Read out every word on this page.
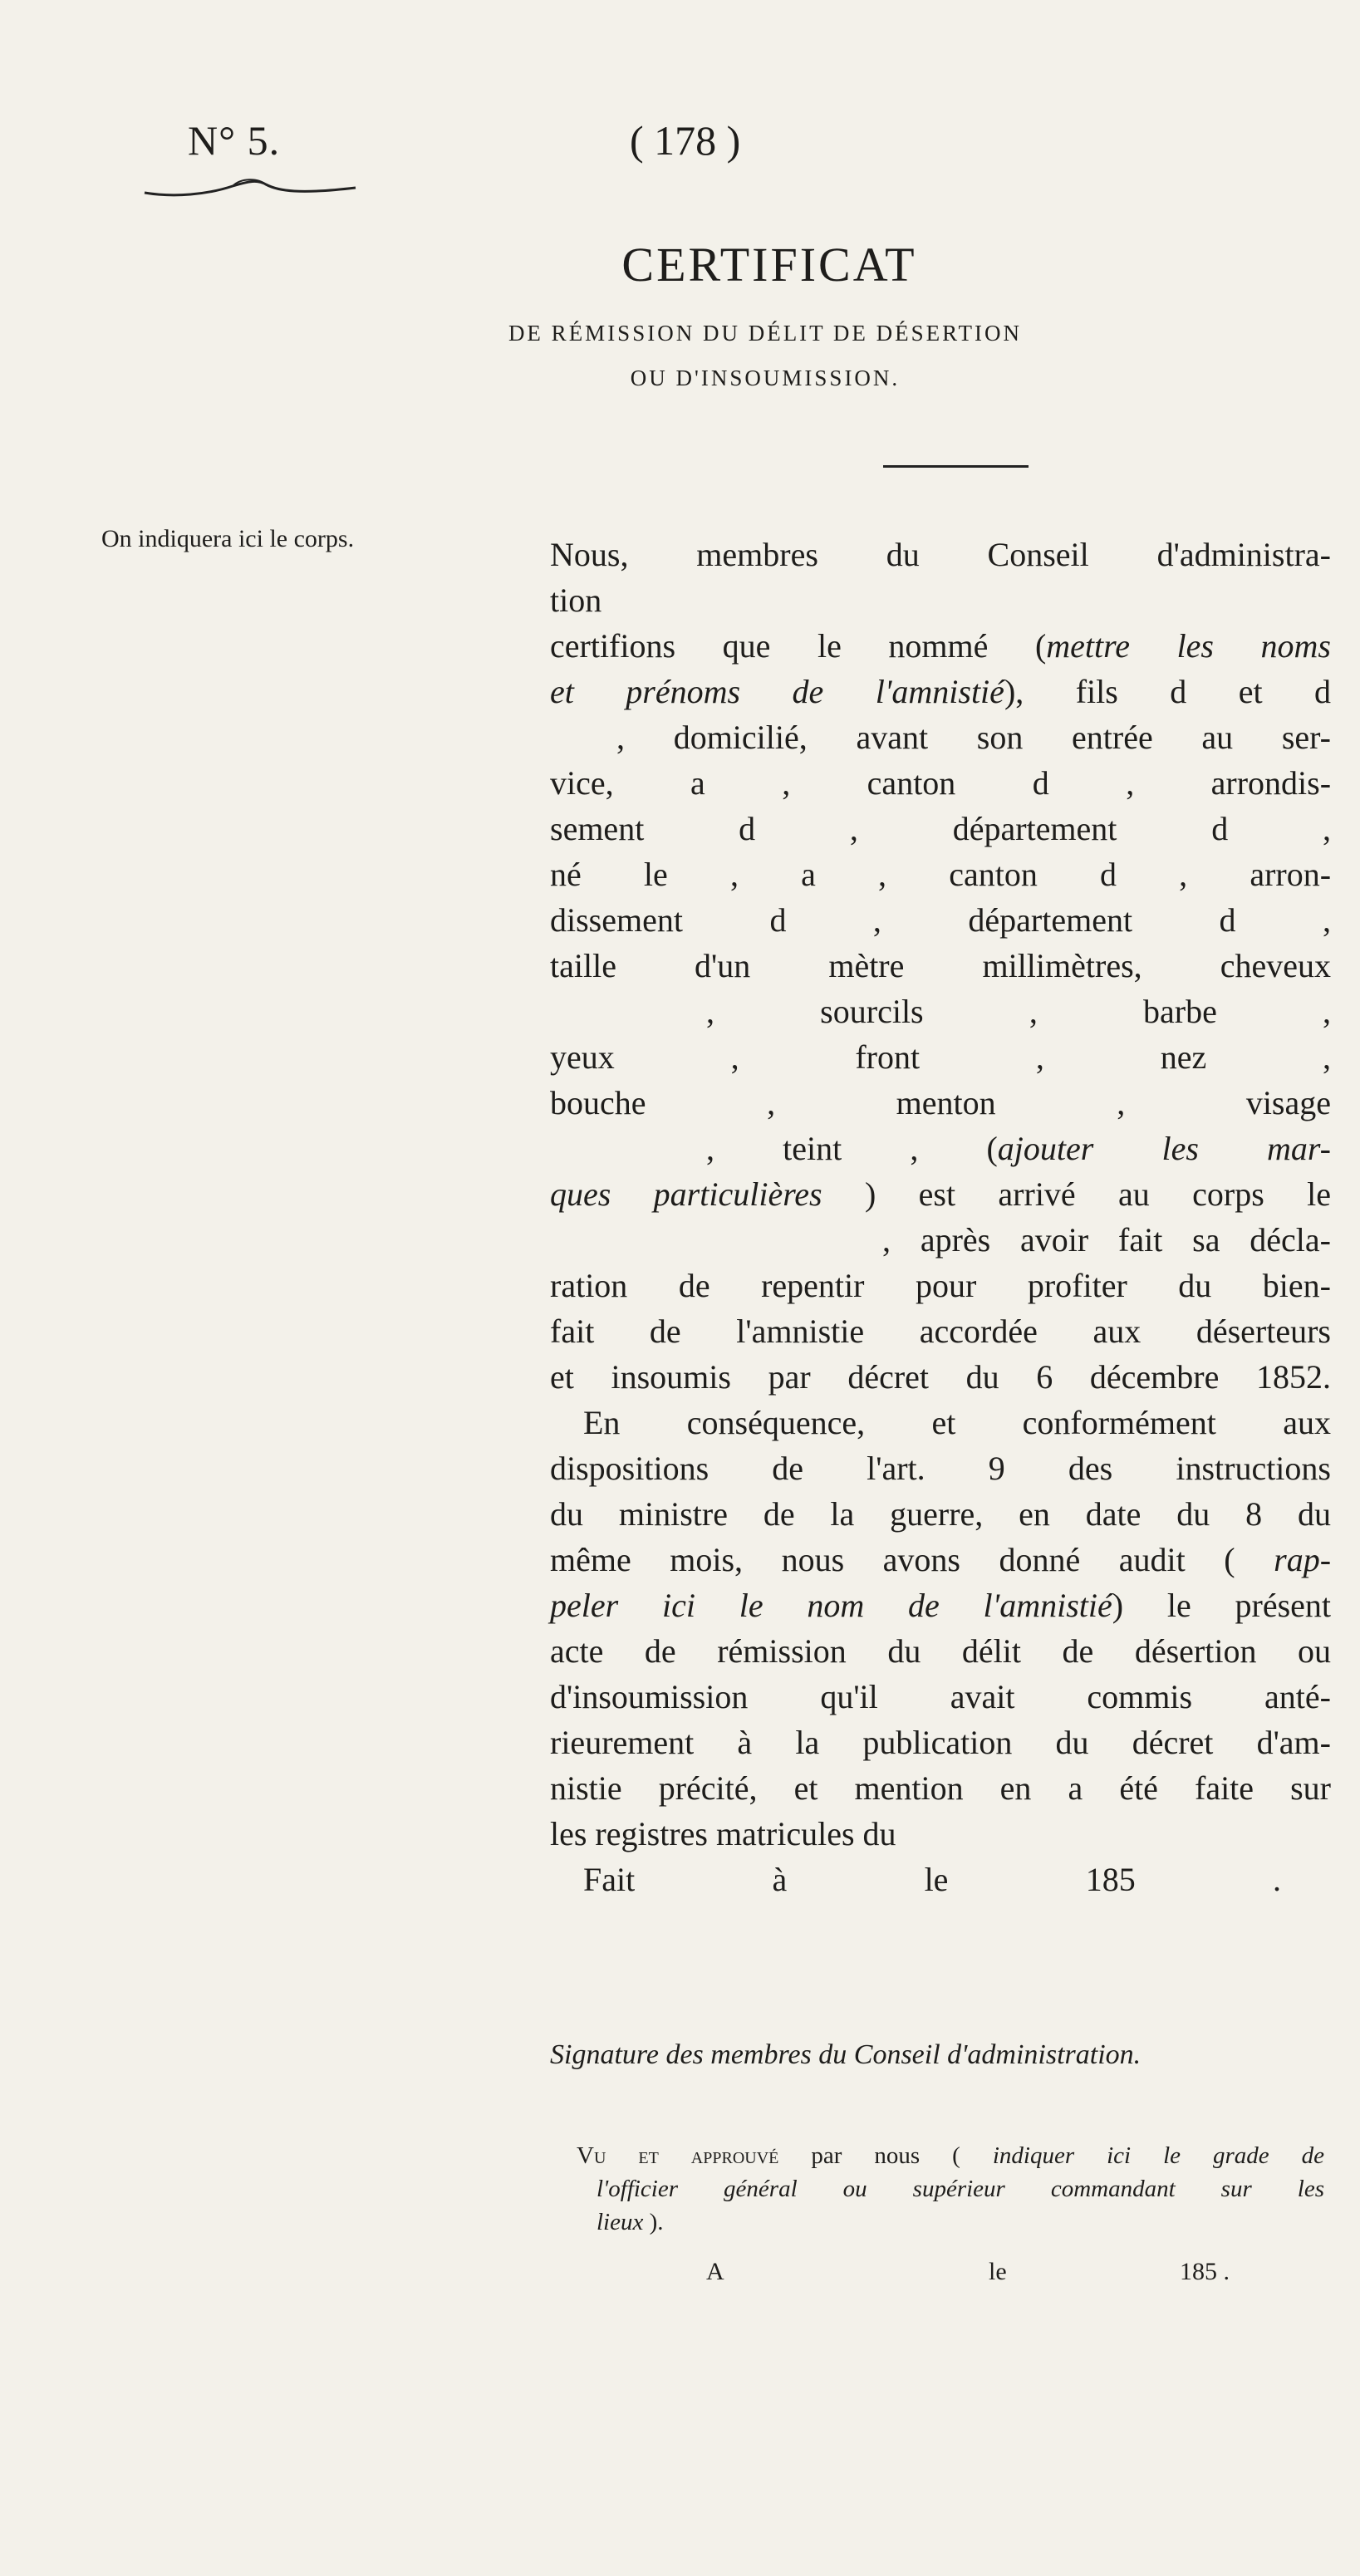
N° 5.	( 178 )
CERTIFICAT
DE RÉMISSION DU DÉLIT DE DÉSERTION
OU D'INSOUMISSION.
On indiquera ici le corps.	Nous, membres du Conseil d'administra-
tion
certifions que le nommé (mettre les noms
et prénoms de l'amnistié), fils d et d
, domicilié, avant son entrée au ser-
vice, a , canton d , arrondis-
sement d	, département d	,
né le , a , canton d , arron-
dissement d	, département d	,
taille d'un mètre millimètres, cheveux
, sourcils	, barbe	,
yeux	, front	, nez	,
bouche	, menton	, visage
, teint , (ajouter les mar-
ques particulières ) est arrivé au corps le
, après avoir fait sa décla-
ration de repentir pour profiter du bien-
fait de l'amnistie accordée aux déserteurs
et insoumis par décret du 6 décembre 1852.
En conséquence, et conformément aux
dispositions de l'art. 9 des instructions
du ministre de la guerre, en date du 8 du
même mois, nous avons donné audit ( rap-
peler ici le nom de l'amnistié) le présent
acte de rémission du délit de désertion ou
d'insoumission qu'il avait commis anté-
rieurement à la publication du décret d'am-
nistie précité, et mention en a été faite sur
les registres matricules du
Fait à	le	185 .
Signature des membres du Conseil d'administration.
Vu et approuvé par nous ( indiquer ici le grade de
l'officier général ou supérieur commandant sur les
lieux ).
A	le	185 .
